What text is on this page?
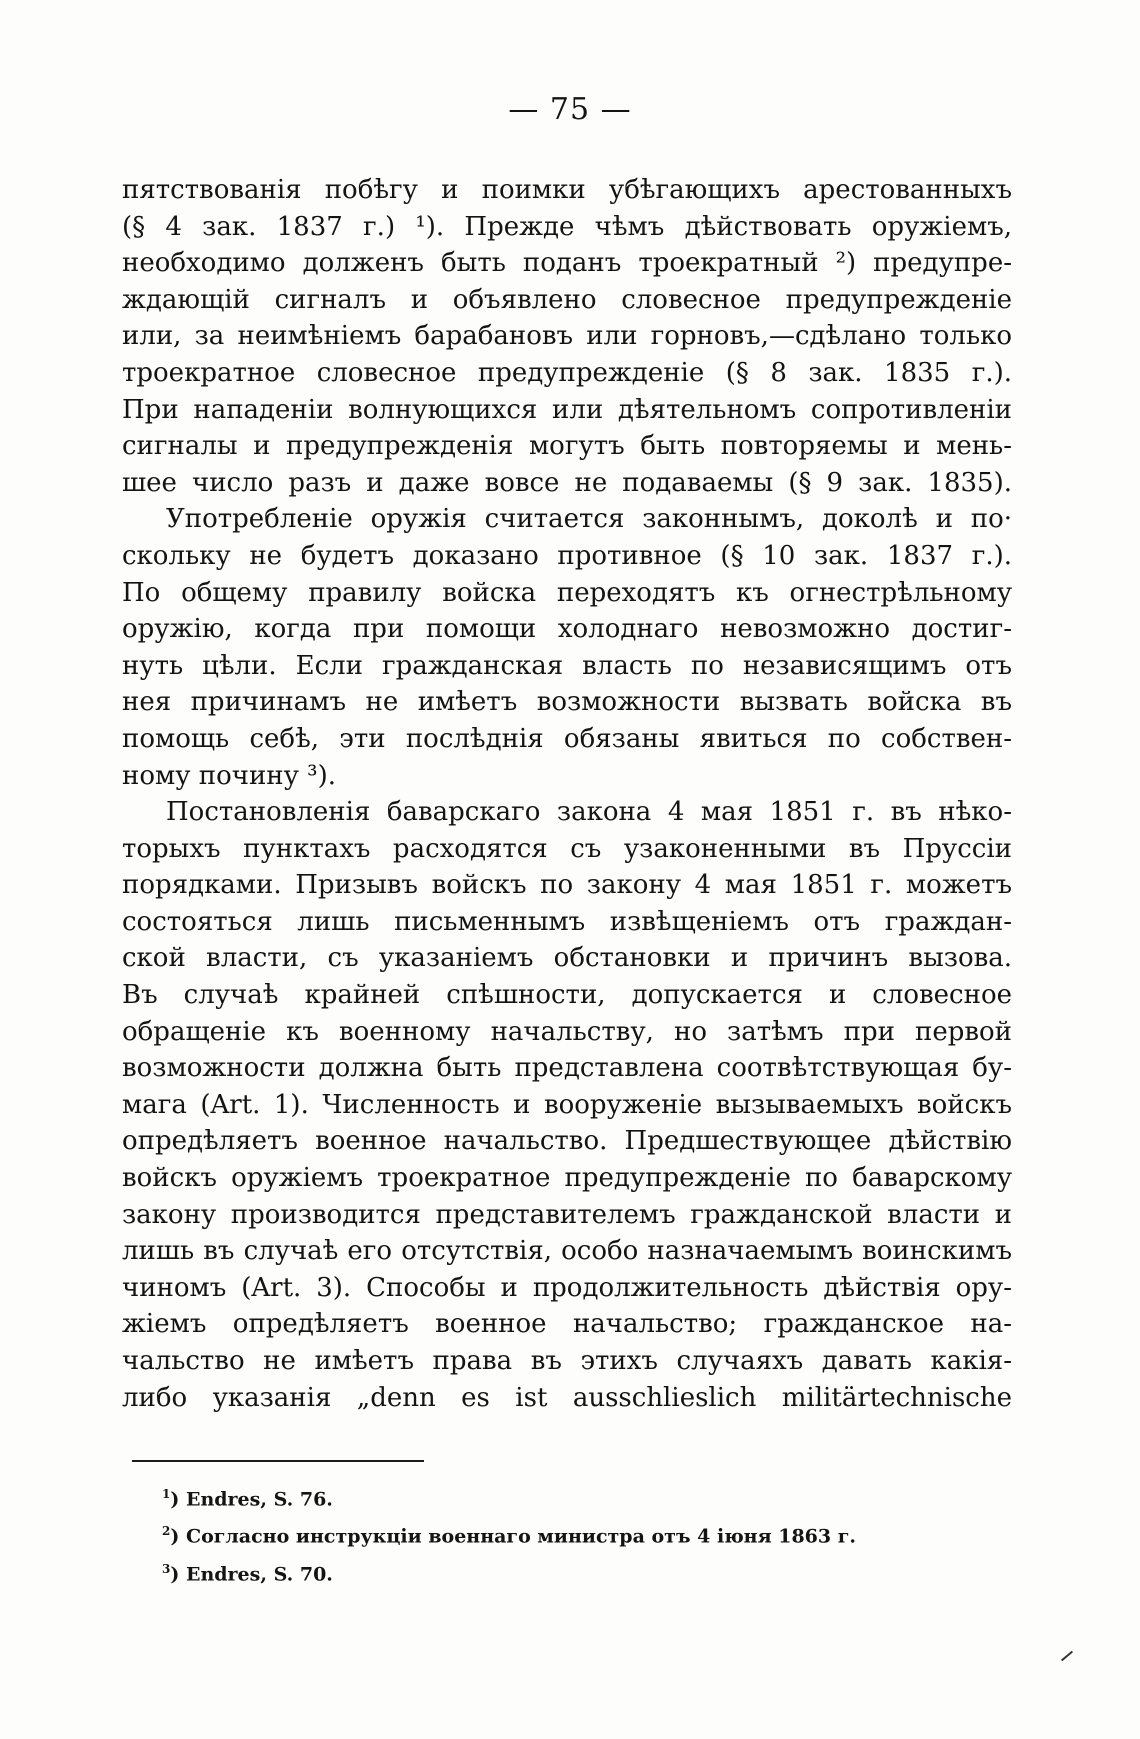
— 75 —
пятствованія побѣгу и поимки убѣгающихъ арестованныхъ
(§ 4 зак. 1837 г.) ¹). Прежде чѣмъ дѣйствовать оружіемъ,
необходимо долженъ быть поданъ троекратный ²) предупре-
ждающій сигналъ и объявлено словесное предупрежденіе
или, за неимѣніемъ барабановъ или горновъ,—сдѣлано только
троекратное словесное предупрежденіе (§ 8 зак. 1835 г.).
При нападеніи волнующихся или дѣятельномъ сопротивленіи
сигналы и предупрежденія могутъ быть повторяемы и мень-
шее число разъ и даже вовсе не подаваемы (§ 9 зак. 1835).
Употребленіе оружія считается законнымъ, доколѣ и по·
скольку не будетъ доказано противное (§ 10 зак. 1837 г.).
По общему правилу войска переходятъ къ огнестрѣльному
оружію, когда при помощи холоднаго невозможно достиг-
нуть цѣли. Если гражданская власть по независящимъ отъ
нея причинамъ не имѣетъ возможности вызвать войска въ
помощь себѣ, эти послѣднія обязаны явиться по собствен-
ному почину ³).
Постановленія баварскаго закона 4 мая 1851 г. въ нѣко-
торыхъ пунктахъ расходятся съ узаконенными въ Пруссіи
порядками. Призывъ войскъ по закону 4 мая 1851 г. можетъ
состояться лишь письменнымъ извѣщеніемъ отъ граждан-
ской власти, съ указаніемъ обстановки и причинъ вызова.
Въ случаѣ крайней спѣшности, допускается и словесное
обращеніе къ военному начальству, но затѣмъ при первой
возможности должна быть представлена соотвѣтствующая бу-
мага (Art. 1). Численность и вооруженіе вызываемыхъ войскъ
опредѣляетъ военное начальство. Предшествующее дѣйствію
войскъ оружіемъ троекратное предупрежденіе по баварскому
закону производится представителемъ гражданской власти и
лишь въ случаѣ его отсутствія, особо назначаемымъ воинскимъ
чиномъ (Art. 3). Способы и продолжительность дѣйствія ору-
жіемъ опредѣляетъ военное начальство; гражданское на-
чальство не имѣетъ права въ этихъ случаяхъ давать какія-
либо указанія „denn es ist ausschlieslich militärtechnische
$^1$) Endres, S. 76.
$^2$) Согласно инструкціи военнаго министра отъ 4 іюня 1863 г.
$^3$) Endres, S. 70.
